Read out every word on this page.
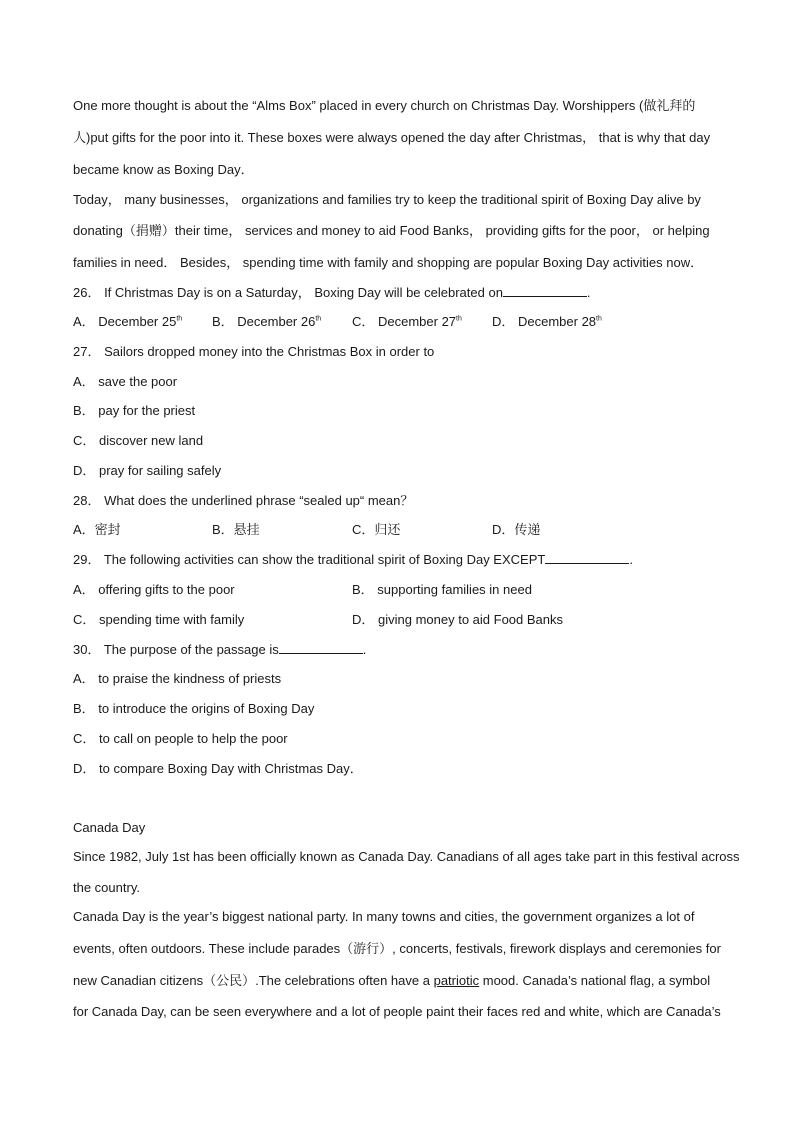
One more thought is about the “Alms Box” placed in every church on Christmas Day. Worshippers (做礼拜的
人)put gifts for the poor into it. These boxes were always opened the day after Christmas， that is why that day
became know as Boxing Day．
Today， many businesses， organizations and families try to keep the traditional spirit of Boxing Day alive by
donating（捐赠）their time， services and money to aid Food Banks， providing gifts for the poor， or helping
families in need． Besides， spending time with family and shopping are popular Boxing Day activities now．
26． If Christmas Day is on a Saturday， Boxing Day will be celebrated on	.
A． December 25th B． December 26th C． December 27th D． December 28th
27． Sailors dropped money into the Christmas Box in order to
A． save the poor
B． pay for the priest
C． discover new land
D． pray for sailing safely
28． What does the underlined phrase “sealed up“ mean？
A．密封	B．悬挂	C．归还	D．传递
29． The following activities can show the traditional spirit of Boxing Day EXCEPT	.
A． offering gifts to the poor	B． supporting families in need
C． spending time with family	D． giving money to aid Food Banks
30． The purpose of the passage is	.
A． to praise the kindness of priests
B． to introduce the origins of Boxing Day
C． to call on people to help the poor
D． to compare Boxing Day with Christmas Day．
Canada Day
Since 1982, July 1st has been officially known as Canada Day. Canadians of all ages take part in this festival across
the country.
Canada Day is the year’s biggest national party. In many towns and cities, the government organizes a lot of
events, often outdoors. These include parades（游行）, concerts, festivals, firework displays and ceremonies for
new Canadian citizens（公民）.The celebrations often have a patriotic mood. Canada’s national flag, a symbol
for Canada Day, can be seen everywhere and a lot of people paint their faces red and white, which are Canada’s
